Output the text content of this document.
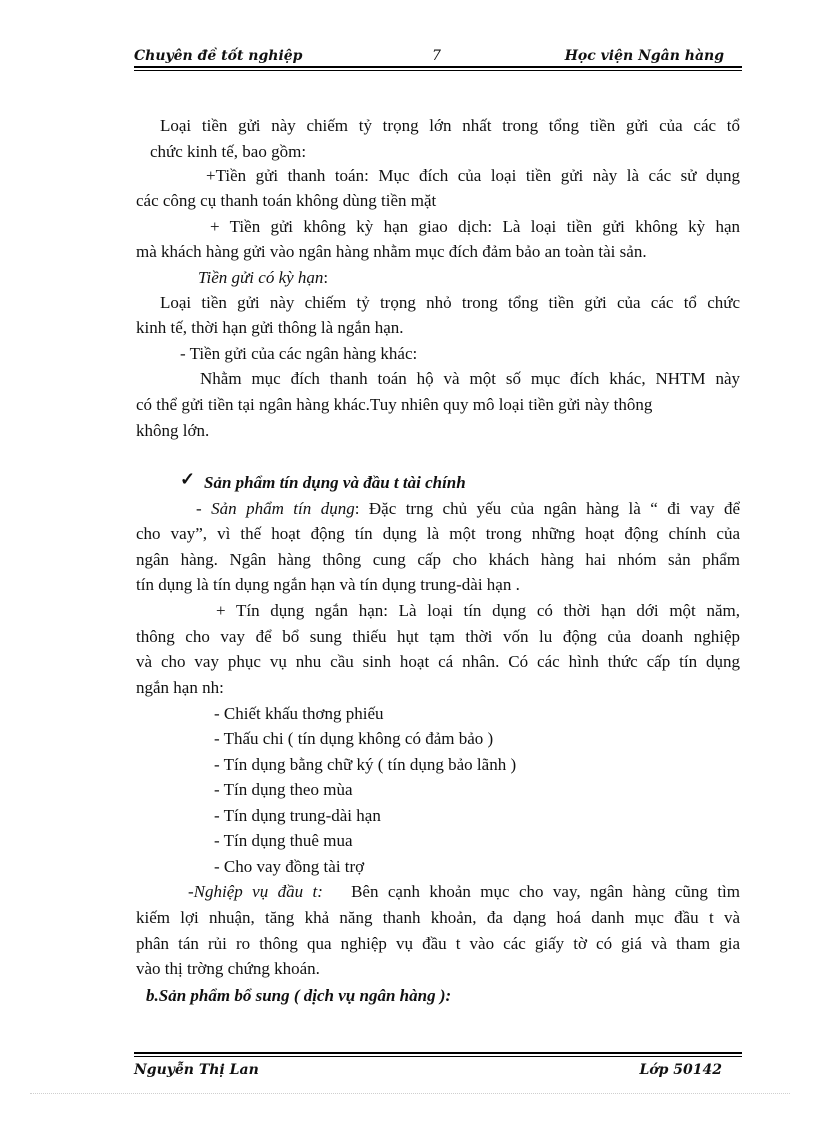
Chuyên đề tốt nghiệp	7	Học viện Ngân hàng
Loại tiền gửi này chiếm tỷ trọng lớn nhất trong tổng tiền gửi của các tổ
chức kinh tế, bao gồm:
+Tiền gửi thanh toán: Mục đích của loại tiền gửi này là các sử dụng
các công cụ thanh toán không dùng tiền mặt
+ Tiền gửi không kỳ hạn giao dịch: Là loại tiền gửi không kỳ hạn
mà khách hàng gửi vào ngân hàng nhằm mục đích đảm bảo an toàn tài sản.
Tiền gửi có kỳ hạn:
Loại tiền gửi này chiếm tỷ trọng nhỏ trong tổng tiền gửi của các tổ chức
kinh tế, thời hạn gửi thông là ngắn hạn.
- Tiền gửi của các ngân hàng khác:
Nhằm mục đích thanh toán hộ và một số mục đích khác, NHTM này
có thể gửi tiền tại ngân hàng khác.Tuy nhiên quy mô loại tiền gửi này thông
không lớn.
✓ Sản phẩm tín dụng và đầu t tài chính
- Sản phẩm tín dụng: Đặc trng chủ yếu của ngân hàng là “ đi vay để
cho vay”, vì thế hoạt động tín dụng là một trong những hoạt động chính của
ngân hàng. Ngân hàng thông cung cấp cho khách hàng hai nhóm sản phẩm
tín dụng là tín dụng ngắn hạn và tín dụng trung-dài hạn .
+ Tín dụng ngắn hạn: Là loại tín dụng có thời hạn dới một năm,
thông cho vay để bổ sung thiếu hụt tạm thời vốn lu động của doanh nghiệp
và cho vay phục vụ nhu cầu sinh hoạt cá nhân. Có các hình thức cấp tín dụng
ngắn hạn nh:
- Chiết khấu thơng phiếu
- Thấu chi ( tín dụng không có đảm bảo )
- Tín dụng bằng chữ ký ( tín dụng bảo lãnh )
- Tín dụng theo mùa
- Tín dụng trung-dài hạn
- Tín dụng thuê mua
- Cho vay đồng tài trợ
-Nghiệp vụ đầu t: Bên cạnh khoản mục cho vay, ngân hàng cũng tìm
kiếm lợi nhuận, tăng khả năng thanh khoản, đa dạng hoá danh mục đầu t và
phân tán rủi ro thông qua nghiệp vụ đầu t vào các giấy tờ có giá và tham gia
vào thị trờng chứng khoán.
b.Sản phẩm bổ sung ( dịch vụ ngân hàng ):
Nguyễn Thị Lan	Lớp 50142
